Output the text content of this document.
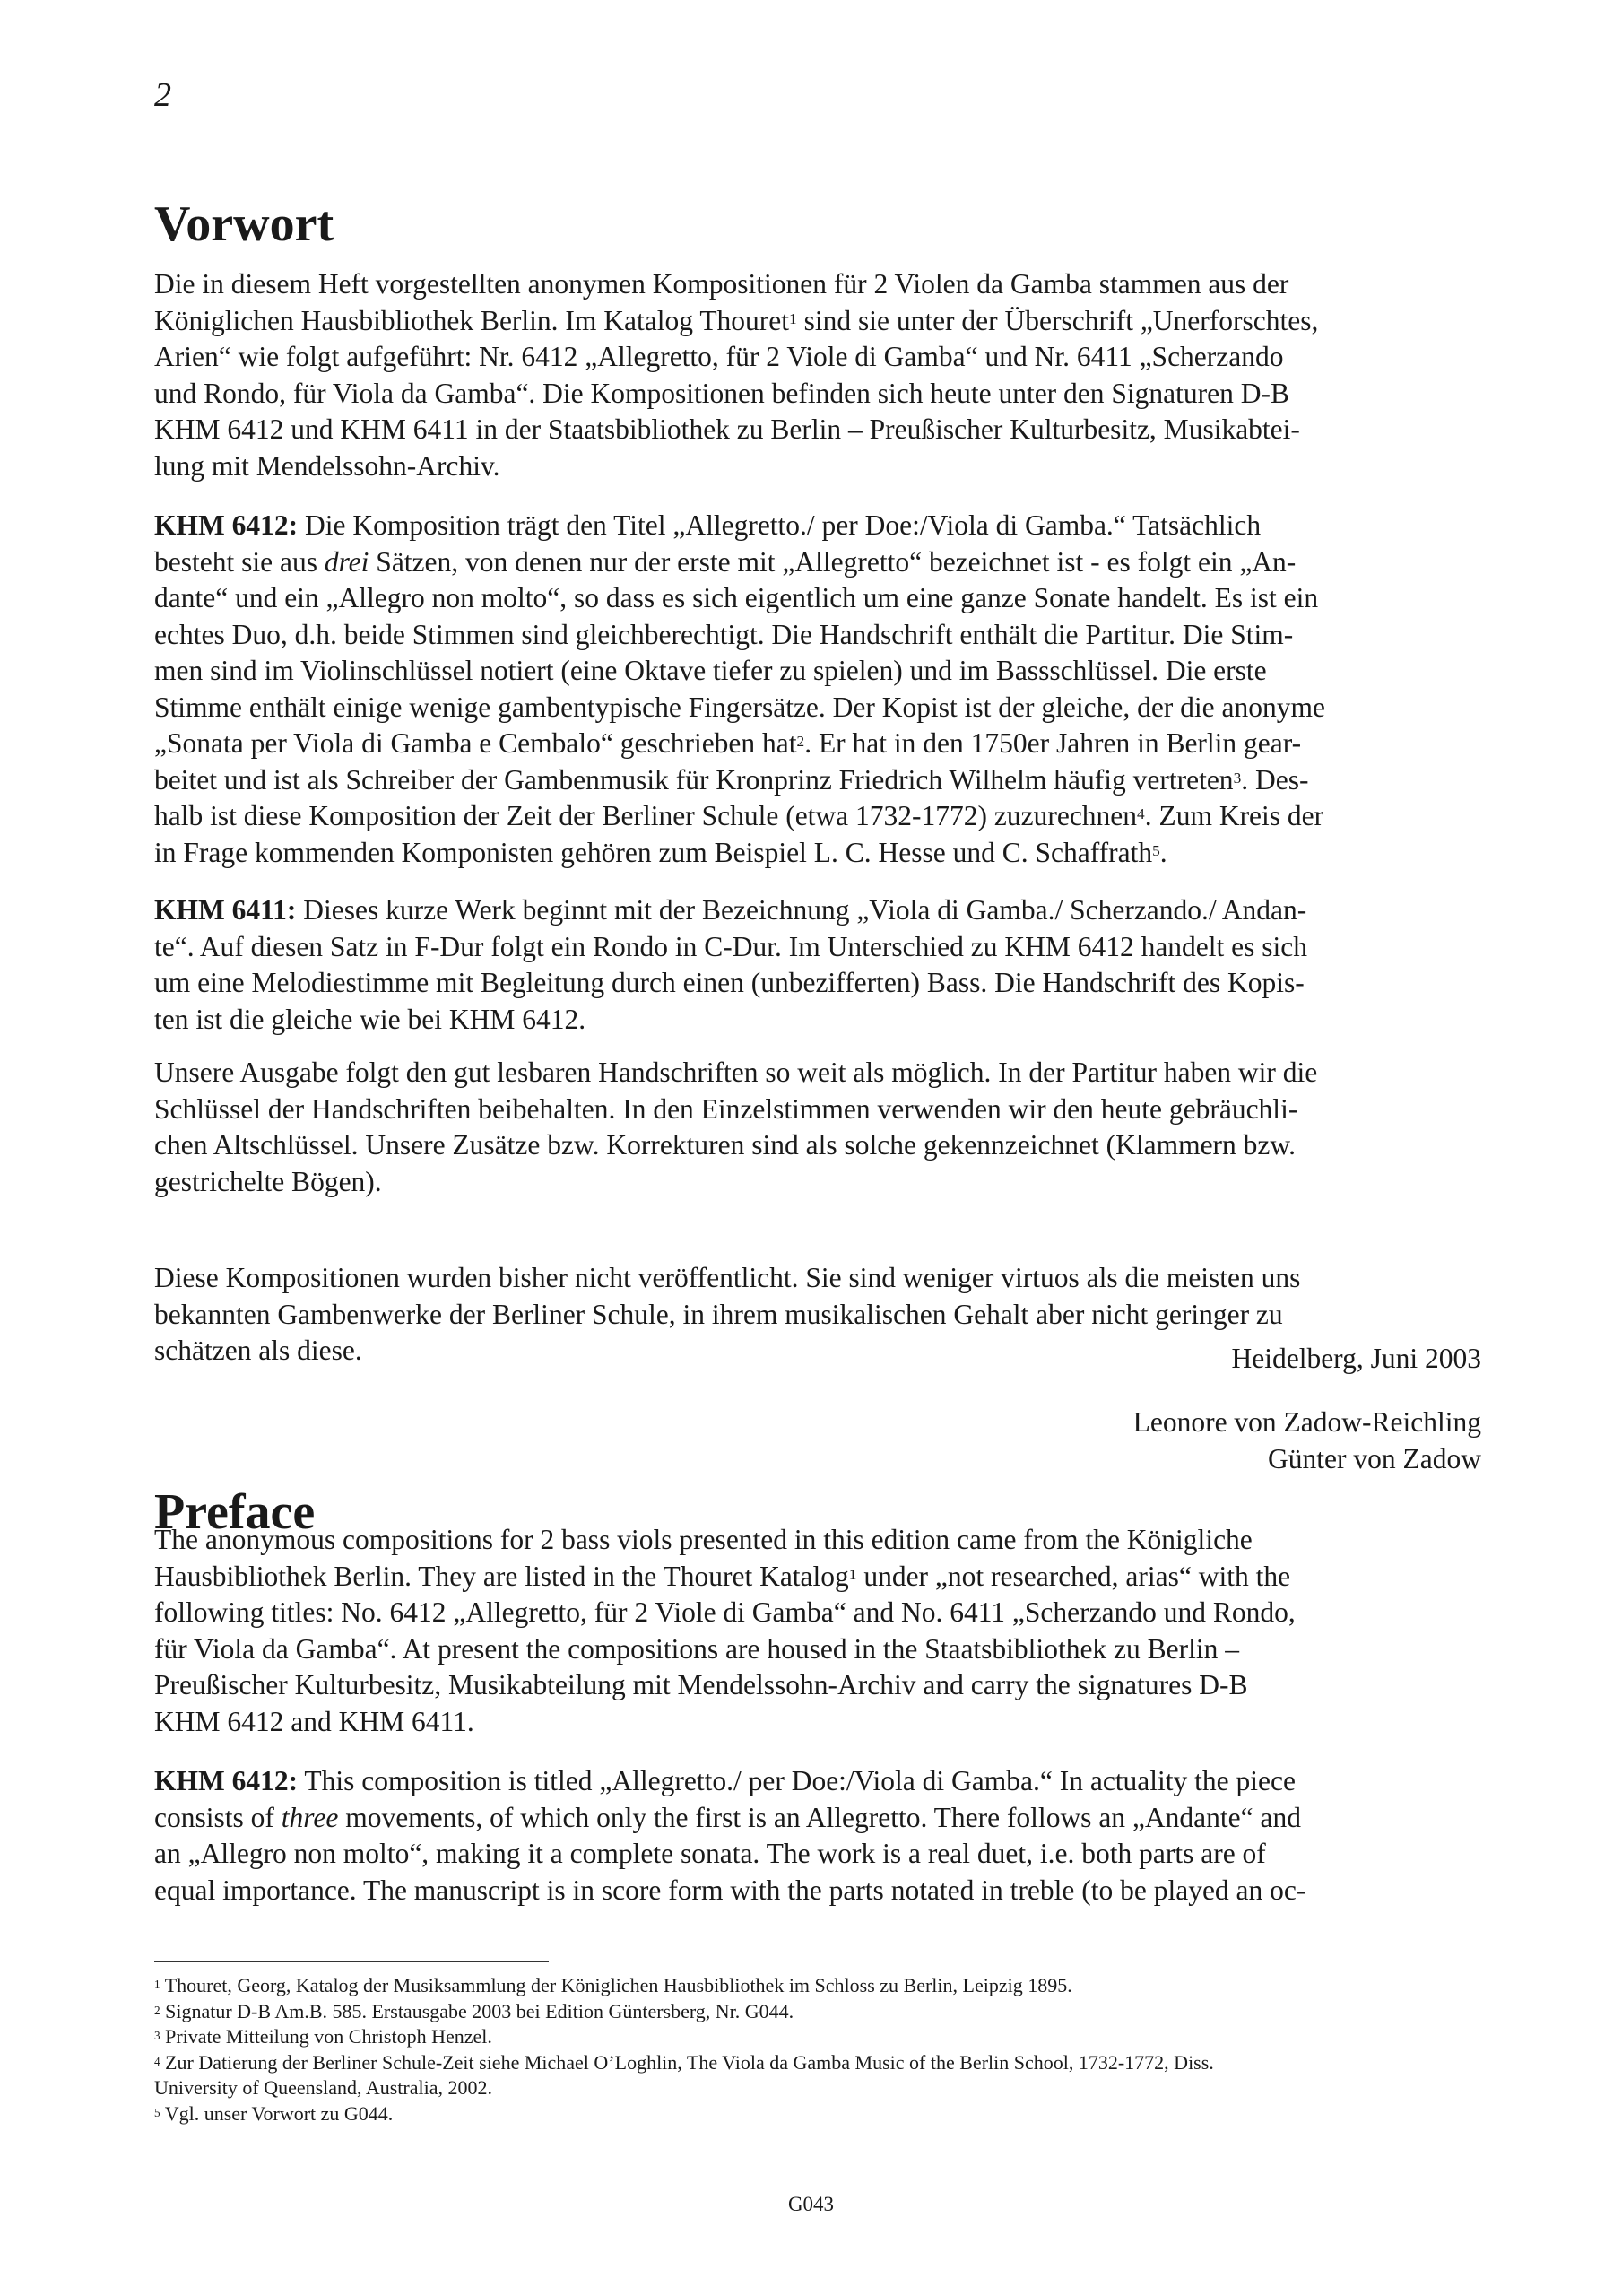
2
Vorwort
Die in diesem Heft vorgestellten anonymen Kompositionen für 2 Violen da Gamba stammen aus der
Königlichen Hausbibliothek Berlin. Im Katalog Thouret$^1$ sind sie unter der Überschrift „Unerforschtes,
Arien“ wie folgt aufgeführt: Nr. 6412 „Allegretto, für 2 Viole di Gamba“ und Nr. 6411 „Scherzando
und Rondo, für Viola da Gamba“. Die Kompositionen befinden sich heute unter den Signaturen D-B
KHM 6412 und KHM 6411 in der Staatsbibliothek zu Berlin – Preußischer Kulturbesitz, Musikabtei-
lung mit Mendelssohn-Archiv.
KHM 6412: Die Komposition trägt den Titel „Allegretto./ per Doe:/Viola di Gamba.“ Tatsächlich
besteht sie aus drei Sätzen, von denen nur der erste mit „Allegretto“ bezeichnet ist - es folgt ein „An-
dante“ und ein „Allegro non molto“, so dass es sich eigentlich um eine ganze Sonate handelt. Es ist ein
echtes Duo, d.h. beide Stimmen sind gleichberechtigt. Die Handschrift enthält die Partitur. Die Stim-
men sind im Violinschlüssel notiert (eine Oktave tiefer zu spielen) und im Bassschlüssel. Die erste
Stimme enthält einige wenige gambentypische Fingersätze. Der Kopist ist der gleiche, der die anonyme
„Sonata per Viola di Gamba e Cembalo“ geschrieben hat$^2$. Er hat in den 1750er Jahren in Berlin gear-
beitet und ist als Schreiber der Gambenmusik für Kronprinz Friedrich Wilhelm häufig vertreten$^3$. Des-
halb ist diese Komposition der Zeit der Berliner Schule (etwa 1732-1772) zuzurechnen$^4$. Zum Kreis der
in Frage kommenden Komponisten gehören zum Beispiel L. C. Hesse und C. Schaffrath$^5$.
KHM 6411: Dieses kurze Werk beginnt mit der Bezeichnung „Viola di Gamba./ Scherzando./ Andan-
te“. Auf diesen Satz in F-Dur folgt ein Rondo in C-Dur. Im Unterschied zu KHM 6412 handelt es sich
um eine Melodiestimme mit Begleitung durch einen (unbezifferten) Bass. Die Handschrift des Kopis-
ten ist die gleiche wie bei KHM 6412.
Unsere Ausgabe folgt den gut lesbaren Handschriften so weit als möglich. In der Partitur haben wir die
Schlüssel der Handschriften beibehalten. In den Einzelstimmen verwenden wir den heute gebräuchli-
chen Altschlüssel. Unsere Zusätze bzw. Korrekturen sind als solche gekennzeichnet (Klammern bzw.
gestrichelte Bögen).
Diese Kompositionen wurden bisher nicht veröffentlicht. Sie sind weniger virtuos als die meisten uns
bekannten Gambenwerke der Berliner Schule, in ihrem musikalischen Gehalt aber nicht geringer zu
schätzen als diese.	Heidelberg, Juni 2003
Leonore von Zadow-Reichling
Günter von Zadow
Preface
The anonymous compositions for 2 bass viols presented in this edition came from the Königliche
Hausbibliothek Berlin. They are listed in the Thouret Katalog$^1$ under „not researched, arias“ with the
following titles: No. 6412 „Allegretto, für 2 Viole di Gamba“ and No. 6411 „Scherzando und Rondo,
für Viola da Gamba“. At present the compositions are housed in the Staatsbibliothek zu Berlin –
Preußischer Kulturbesitz, Musikabteilung mit Mendelssohn-Archiv and carry the signatures D-B
KHM 6412 and KHM 6411.
KHM 6412: This composition is titled „Allegretto./ per Doe:/Viola di Gamba.“ In actuality the piece
consists of three movements, of which only the first is an Allegretto. There follows an „Andante“ and
an „Allegro non molto“, making it a complete sonata. The work is a real duet, i.e. both parts are of
equal importance. The manuscript is in score form with the parts notated in treble (to be played an oc-
$^1$ Thouret, Georg, Katalog der Musiksammlung der Königlichen Hausbibliothek im Schloss zu Berlin, Leipzig 1895.
$^2$ Signatur D-B Am.B. 585. Erstausgabe 2003 bei Edition Güntersberg, Nr. G044.
$^3$ Private Mitteilung von Christoph Henzel.
$^4$ Zur Datierung der Berliner Schule-Zeit siehe Michael O’Loghlin, The Viola da Gamba Music of the Berlin School, 1732-1772, Diss.
University of Queensland, Australia, 2002.
$^5$ Vgl. unser Vorwort zu G044.
G043
